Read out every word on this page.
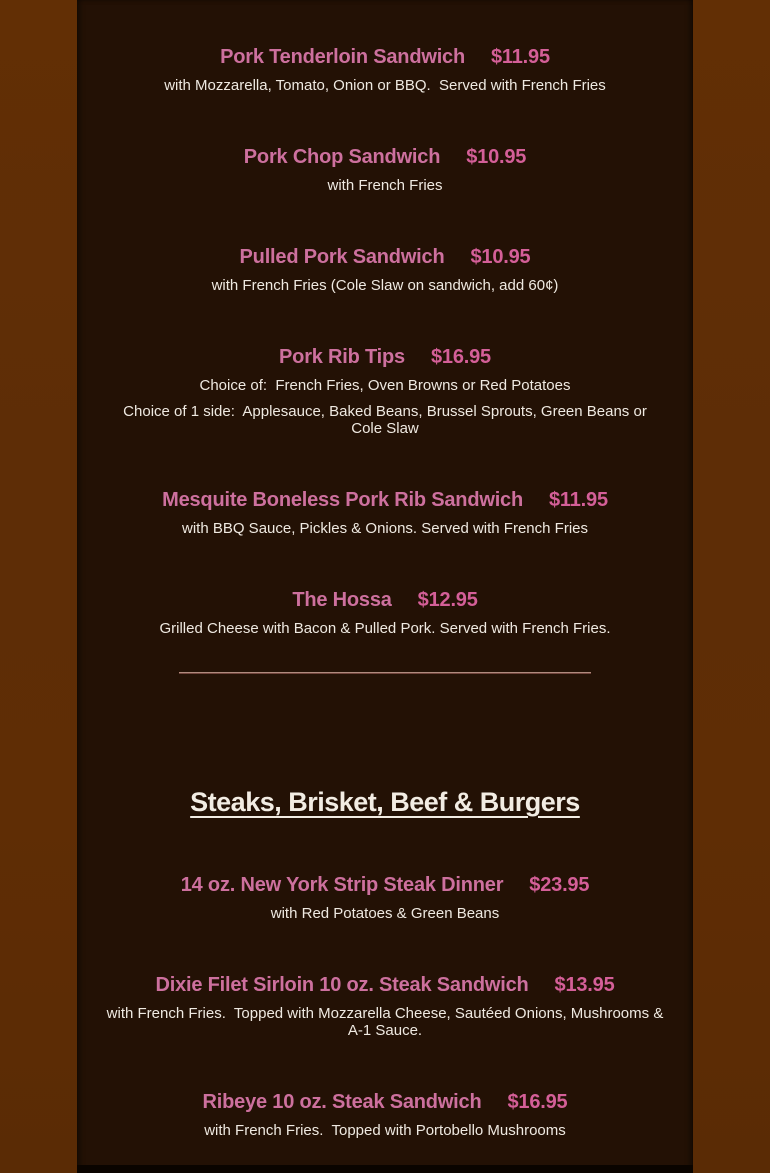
Pork Tenderloin Sandwich $11.95

with Mozzarella, Tomato, Onion or BBQ.  Served with French Fries

Pork Chop Sandwich $10.95

with French Fries

Pulled Pork Sandwich $10.95

with French Fries (Cole Slaw on sandwich, add 60¢)

Pork Rib Tips $16.95

Choice of:  French Fries, Oven Browns or Red Potatoes

Choice of 1 side:  Applesauce, Baked Beans, Brussel Sprouts, Green Beans or Cole Slaw

Mesquite Boneless Pork Rib Sandwich $11.95

with BBQ Sauce, Pickles & Onions. Served with French Fries

The Hossa $12.95

Grilled Cheese with Bacon & Pulled Pork. Served with French Fries.

Steaks, Brisket, Beef & Burgers
14 oz. New York Strip Steak Dinner $23.95

with Red Potatoes & Green Beans

Dixie Filet Sirloin 10 oz. Steak Sandwich $13.95

with French Fries.  Topped with Mozzarella Cheese, Sautéed Onions, Mushrooms & A-1 Sauce.

Ribeye 10 oz. Steak Sandwich $16.95

with French Fries.  Topped with Portobello Mushrooms
